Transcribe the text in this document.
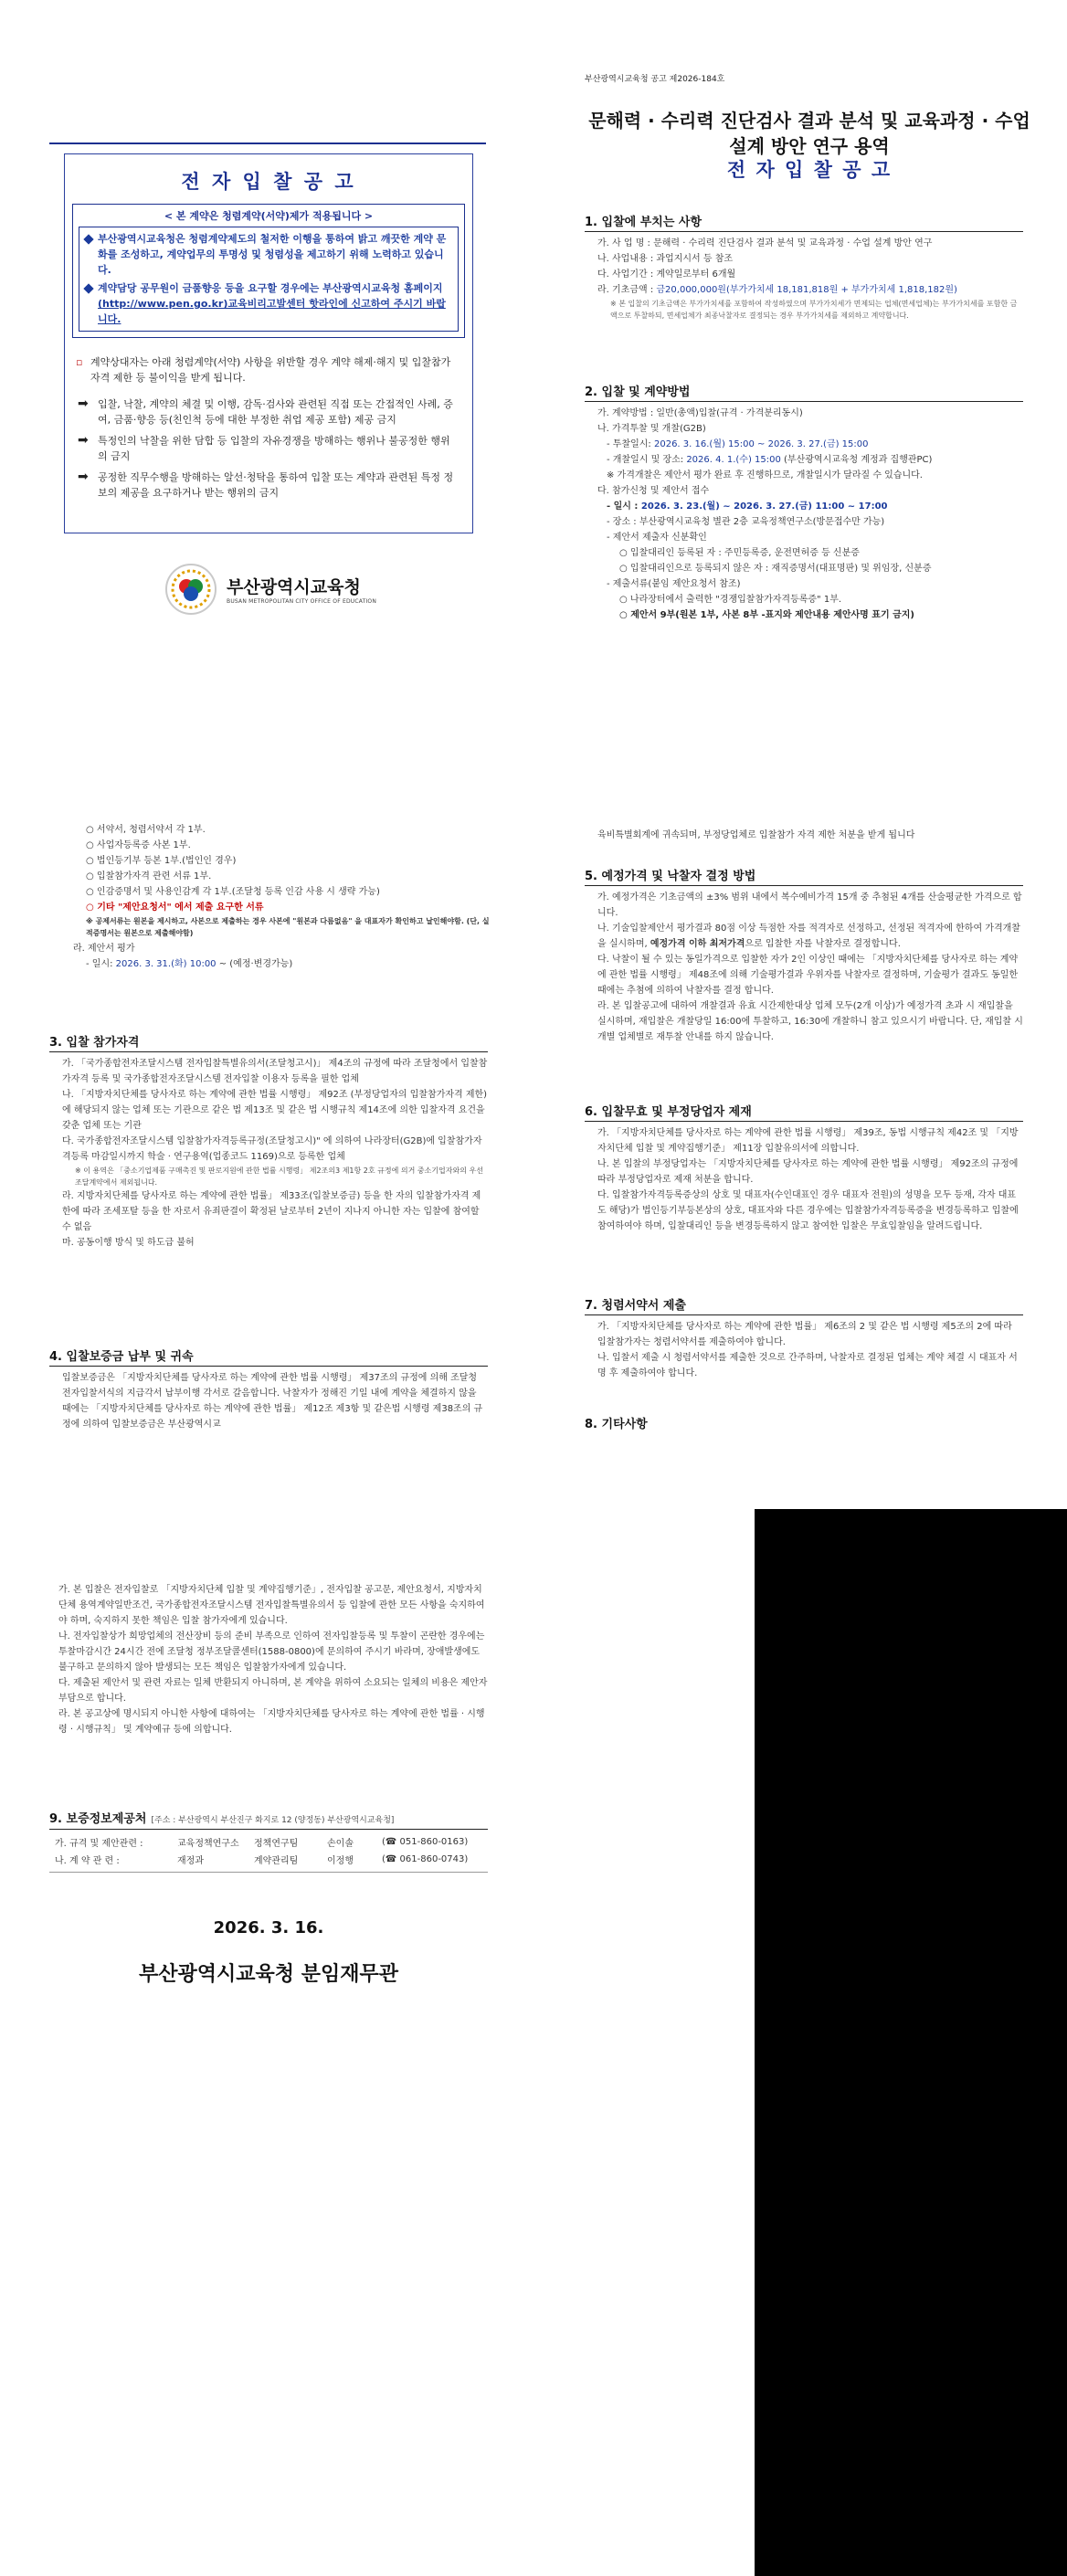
부산광역시교육청 공고 제2026-184호
문해력 · 수리력 진단검사 결과 분석 및 교육과정 · 수업
설계 방안 연구 용역
전 자 입 찰 공 고
전 자 입 찰 공 고
< 본 계약은 청렴계약(서약)제가 적용됩니다 >
부산광역시교육청은 청렴계약제도의 철저한 이행을 통하여 밝고 깨끗한 계약 문화를 조성하고, 계약업무의 투명성 및 청렴성을 제고하기 위해 노력하고 있습니다.
계약담당 공무원이 금품향응 등을 요구할 경우에는 부산광역시교육청 홈페이지 (http://www.pen.go.kr)교육비리고발센터 핫라인에 신고하여 주시기 바랍니다.
▫ 계약상대자는 아래 청렴계약(서약) 사항을 위반할 경우 계약 해제·해지 및 입찰참가자격 제한 등 불이익을 받게 됩니다.
➡ 입찰, 낙찰, 계약의 체결 및 이행, 감독·검사와 관련된 직접 또는 간접적인 사례, 증여, 금품·향응 등(친인척 등에 대한 부정한 취업 제공 포함) 제공 금지
➡ 특정인의 낙찰을 위한 담합 등 입찰의 자유경쟁을 방해하는 행위나 불공정한 행위의 금지
➡ 공정한 직무수행을 방해하는 알선·청탁을 통하여 입찰 또는 계약과 관련된 특정 정보의 제공을 요구하거나 받는 행위의 금지
부산광역시교육청
BUSAN METROPOLITAN CITY OFFICE OF EDUCATION
1. 입찰에 부치는 사항
가. 사 업 명 : 문해력 · 수리력 진단검사 결과 분석 및 교육과정 · 수업 설계 방안 연구
나. 사업내용 : 과업지시서 등 참조
다. 사업기간 : 계약일로부터 6개월
라. 기초금액 : 금20,000,000원(부가가치세 18,181,818원 + 부가가치세 1,818,182원)
※ 본 입찰의 기초금액은 부가가치세를 포함하여 작성하였으며 부가가치세가 면제되는 업체(면세업체)는 부가가치세를 포함한 금액으로 투찰하되, 면세업체가 최종낙찰자로 결정되는 경우 부가가치세를 제외하고 계약합니다.
2. 입찰 및 계약방법
가. 계약방법 : 일반(총액)입찰(규격 · 가격분리동시)
나. 가격투찰 및 개찰(G2B)
- 투찰일시: 2026. 3. 16.(월) 15:00 ~ 2026. 3. 27.(금) 15:00
- 개찰일시 및 장소: 2026. 4. 1.(수) 15:00 (부산광역시교육청 계정과 집행관PC)
※ 가격개찰은 제안서 평가 완료 후 진행하므로, 개찰일시가 달라질 수 있습니다.
다. 참가신청 및 제안서 접수
- 일시 : 2026. 3. 23.(월) ~ 2026. 3. 27.(금) 11:00 ~ 17:00
- 장소 : 부산광역시교육청 별관 2층 교육정책연구소(방문접수만 가능)
- 제안서 제출자 신분확인
○ 입찰대리인 등록된 자 : 주민등록증, 운전면허증 등 신분증
○ 입찰대리인으로 등록되지 않은 자 : 재직증명서(대표명판) 및 위임장, 신분증
- 제출서류(붙임 제안요청서 참조)
○ 나라장터에서 출력한 "경쟁입찰참가자격등록증" 1부.
○ 제안서 9부(원본 1부, 사본 8부 -표지와 제안내용 제안사명 표기 금지)
○ 서약서, 청렴서약서 각 1부.
○ 사업자등록증 사본 1부.
○ 법인등기부 등본 1부.(법인인 경우)
○ 입찰참가자격 관련 서류 1부.
○ 인감증명서 및 사용인감계 각 1부.(조달청 등록 인감 사용 시 생략 가능)
○ 기타 "제안요청서" 에서 제출 요구한 서류
※ 공제서류는 원본을 제시하고, 사본으로 제출하는 경우 사본에 "원본과 다름없음" 을 대표자가 확인하고 날인해야함. (단, 실적증명서는 원본으로 제출해야함)
라. 제안서 평가
- 일시: 2026. 3. 31.(화) 10:00 ~ (예정·변경가능)
3. 입찰 참가자격
가. 「국가종합전자조달시스템 전자입찰특별유의서(조달청고시)」 제4조의 규정에 따라 조달청에서 입찰참가자격 등록 및 국가종합전자조달시스템 전자입찰 이용자 등록을 필한 업체
나. 「지방자치단체를 당사자로 하는 계약에 관한 법률 시행령」 제92조 (부정당업자의 입찰참가자격 제한)에 해당되지 않는 업체 또는 기관으로 같은 법 제13조 및 같은 법 시행규칙 제14조에 의한 입찰자격 요건을 갖춘 업체 또는 기관
다. 국가종합전자조달시스템 입찰참가자격등록규정(조달청고시)" 에 의하여 나라장터(G2B)에 입찰참가자격등록 마감일시까지 학술 · 연구용역(업종코드 1169)으로 등록한 업체
※ 이 용역은 「중소기업제품 구매촉진 및 판로지원에 관한 법률 시행령」 제2조의3 제1항 2호 규정에 의거 중소기업자와의 우선조달계약에서 제외됩니다.
라. 지방자치단체를 당사자로 하는 계약에 관한 법률」 제33조(입찰보증금) 등을 한 자의 입찰참가자격 제한에 따라 조세포탈 등을 한 자로서 유죄판결이 확정된 날로부터 2년이 지나지 아니한 자는 입찰에 참여할 수 없음
마. 공동이행 방식 및 하도급 불허
4. 입찰보증금 납부 및 귀속
입찰보증금은 「지방자치단체를 당사자로 하는 계약에 관한 법률 시행령」 제37조의 규정에 의해 조달청 전자입찰서식의 지급각서 납부이행 각서로 갈음합니다. 낙찰자가 정해진 기일 내에 계약을 체결하지 않을 때에는 「지방자치단체를 당사자로 하는 계약에 관한 법률」 제12조 제3항 및 같은법 시행령 제38조의 규정에 의하여 입찰보증금은 부산광역시교
육비특별회계에 귀속되며, 부정당업체로 입찰참가 자격 제한 처분을 받게 됩니다
5. 예정가격 및 낙찰자 결정 방법
가. 예정가격은 기초금액의 ±3% 범위 내에서 복수예비가격 15개 중 추첨된 4개를 산술평균한 가격으로 합니다.
나. 기술입찰제안서 평가결과 80점 이상 득점한 자를 적격자로 선정하고, 선정된 적격자에 한하여 가격개찰을 실시하며, 예정가격 이하 최저가격으로 입찰한 자를 낙찰자로 결정합니다.
다. 낙찰이 될 수 있는 동일가격으로 입찰한 자가 2인 이상인 때에는 「지방자치단체를 당사자로 하는 계약에 관한 법률 시행령」 제48조에 의해 기술평가결과 우위자를 낙찰자로 결정하며, 기술평가 결과도 동일한 때에는 추첨에 의하여 낙찰자를 결정 합니다.
라. 본 입찰공고에 대하여 개찰결과 유효 시간제한대상 업체 모두(2개 이상)가 예정가격 초과 시 재입찰을 실시하며, 재입찰은 개찰당일 16:00에 투찰하고, 16:30에 개찰하니 참고 있으시기 바랍니다. 단, 재입찰 시 개별 업체별로 재투찰 안내를 하지 않습니다.
6. 입찰무효 및 부정당업자 제재
가. 「지방자치단체를 당사자로 하는 계약에 관한 법률 시행령」 제39조, 동법 시행규칙 제42조 및 「지방자치단체 입찰 및 계약집행기준」 제11장 입찰유의서에 의합니다.
나. 본 입찰의 부정당업자는 「지방자치단체를 당사자로 하는 계약에 관한 법률 시행령」 제92조의 규정에 따라 부정당업자로 제재 처분을 합니다.
다. 입찰참가자격등록증상의 상호 및 대표자(수인대표인 경우 대표자 전원)의 성명을 모두 등재, 각자 대표도 해당)가 법인등기부등본상의 상호, 대표자와 다른 경우에는 입찰참가자격등록증을 변경등록하고 입찰에 참여하여야 하며, 입찰대리인 등을 변경등록하지 않고 참여한 입찰은 무효입찰임을 알려드립니다.
7. 청렴서약서 제출
가. 「지방자치단체를 당사자로 하는 계약에 관한 법률」 제6조의 2 및 같은 법 시행령 제5조의 2에 따라 입찰참가자는 청렴서약서를 제출하여야 합니다.
나. 입찰서 제출 시 청렴서약서를 제출한 것으로 간주하며, 낙찰자로 결정된 업체는 계약 체결 시 대표자 서명 후 제출하여야 합니다.
8. 기타사항
가. 본 입찰은 전자입찰로 「지방자치단체 입찰 및 계약집행기준」, 전자입찰 공고문, 제안요청서, 지방자치단체 용역계약일반조건, 국가종합전자조달시스템 전자입찰특별유의서 등 입찰에 관한 모든 사항을 숙지하여야 하며, 숙지하지 못한 책임은 입찰 참가자에게 있습니다.
나. 전자입찰상가 희망업체의 전산장비 등의 준비 부족으로 인하여 전자입찰등록 및 투찰이 곤란한 경우에는 투찰마감시간 24시간 전에 조달청 정부조달콜센터(1588-0800)에 문의하여 주시기 바라며, 장애발생에도 불구하고 문의하지 않아 발생되는 모든 책임은 입찰참가자에게 있습니다.
다. 제출된 제안서 및 관련 자료는 일체 반환되지 아니하며, 본 계약을 위하여 소요되는 일체의 비용은 제안자 부담으로 합니다.
라. 본 공고상에 명시되지 아니한 사항에 대하여는 「지방자치단체를 당사자로 하는 계약에 관한 법률 · 시행령 · 시행규칙」 및 계약예규 등에 의합니다.
9. 보증정보제공처 [주소 : 부산광역시 부산진구 화지로 12 (양정동) 부산광역시교육청]
가. 규격 및 제안관련 :	교육정책연구소	정책연구팀	손이솔	(☎ 051-860-0163)
나. 계 약 관 련 :	재정과	계약관리팀	이정행	(☎ 061-860-0743)
2026. 3. 16.
부산광역시교육청 분임재무관
